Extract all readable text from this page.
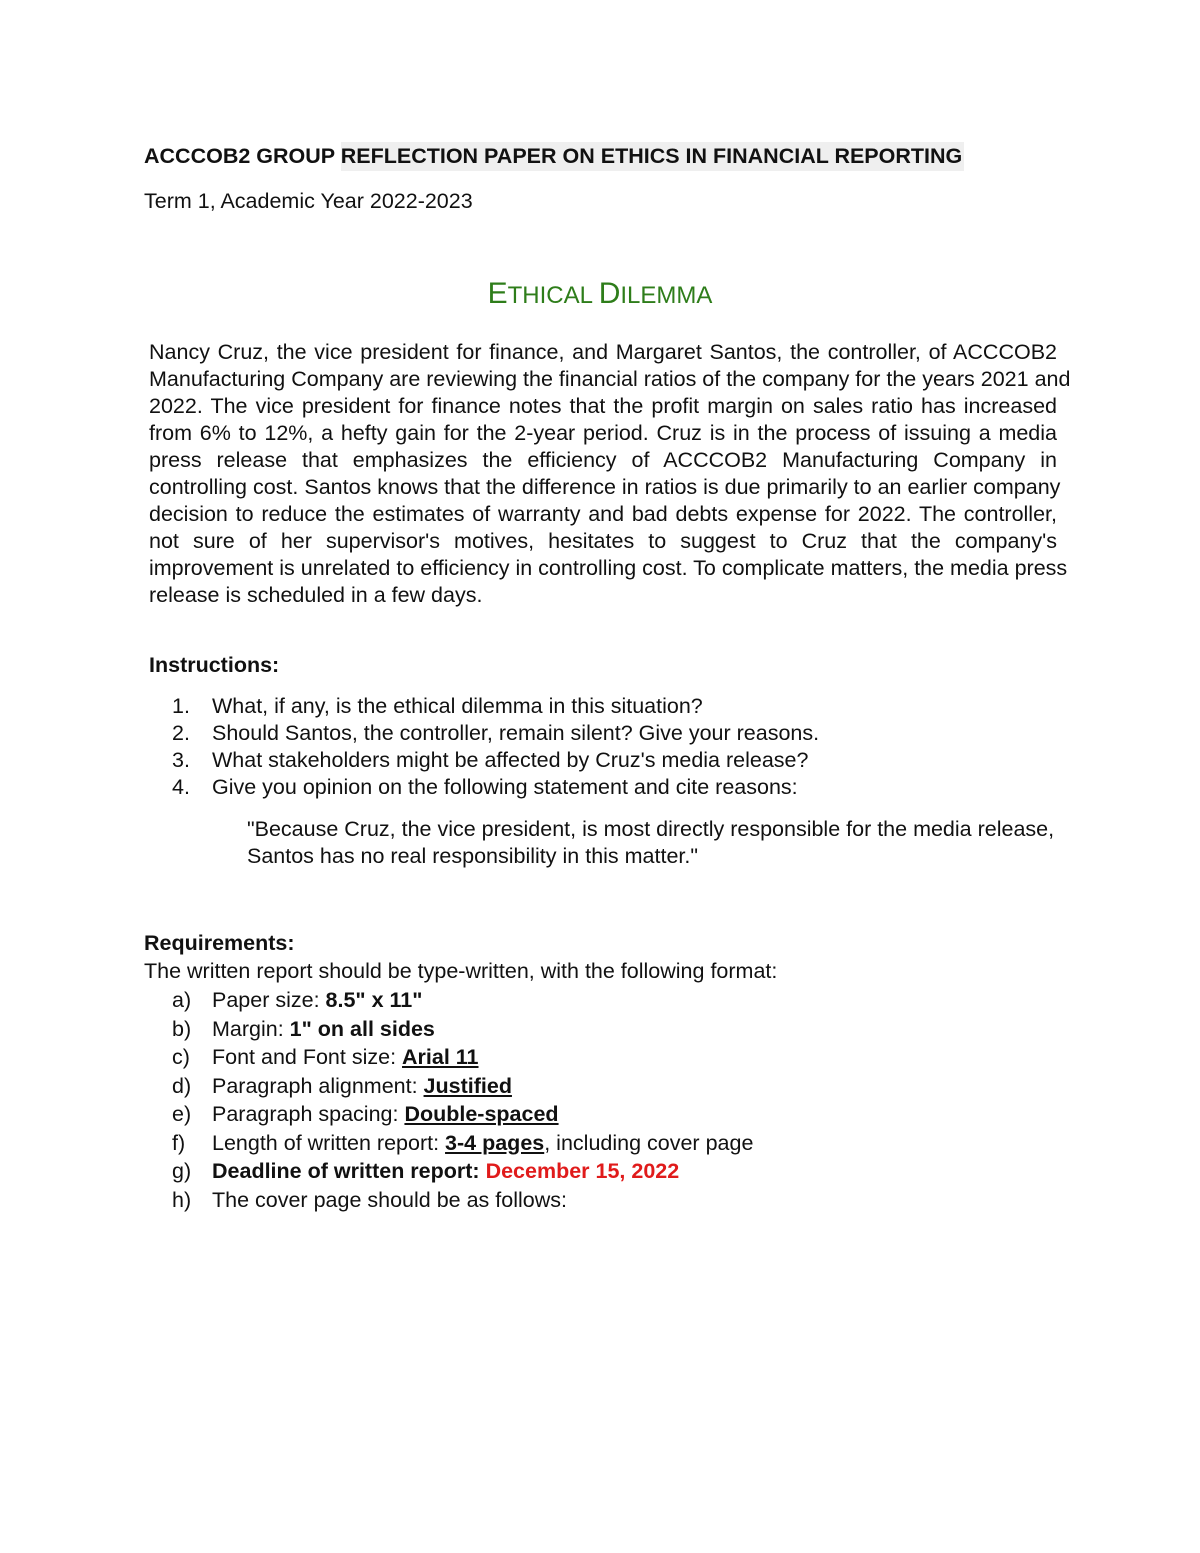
ACCCOB2 GROUP REFLECTION PAPER ON ETHICS IN FINANCIAL REPORTING

Term 1, Academic Year 2022-2023

ETHICAL DILEMMA

Nancy Cruz, the vice president for finance, and Margaret Santos, the controller, of ACCCOB2
Manufacturing Company are reviewing the financial ratios of the company for the years 2021 and
2022. The vice president for finance notes that the profit margin on sales ratio has increased
from 6% to 12%, a hefty gain for the 2-year period. Cruz is in the process of issuing a media
press release that emphasizes the efficiency of ACCCOB2 Manufacturing Company in
controlling cost. Santos knows that the difference in ratios is due primarily to an earlier company
decision to reduce the estimates of warranty and bad debts expense for 2022. The controller,
not sure of her supervisor's motives, hesitates to suggest to Cruz that the company's
improvement is unrelated to efficiency in controlling cost. To complicate matters, the media press
release is scheduled in a few days.

Instructions:

1. What, if any, is the ethical dilemma in this situation?
2. Should Santos, the controller, remain silent? Give your reasons.
3. What stakeholders might be affected by Cruz's media release?
4. Give you opinion on the following statement and cite reasons:

"Because Cruz, the vice president, is most directly responsible for the media release,
Santos has no real responsibility in this matter."

Requirements:

The written report should be type-written, with the following format:

a) Paper size: 8.5" x 11"
b) Margin: 1" on all sides
c) Font and Font size: Arial 11
d) Paragraph alignment: Justified
e) Paragraph spacing: Double-spaced
f) Length of written report: 3-4 pages, including cover page
g) Deadline of written report: December 15, 2022
h) The cover page should be as follows:
